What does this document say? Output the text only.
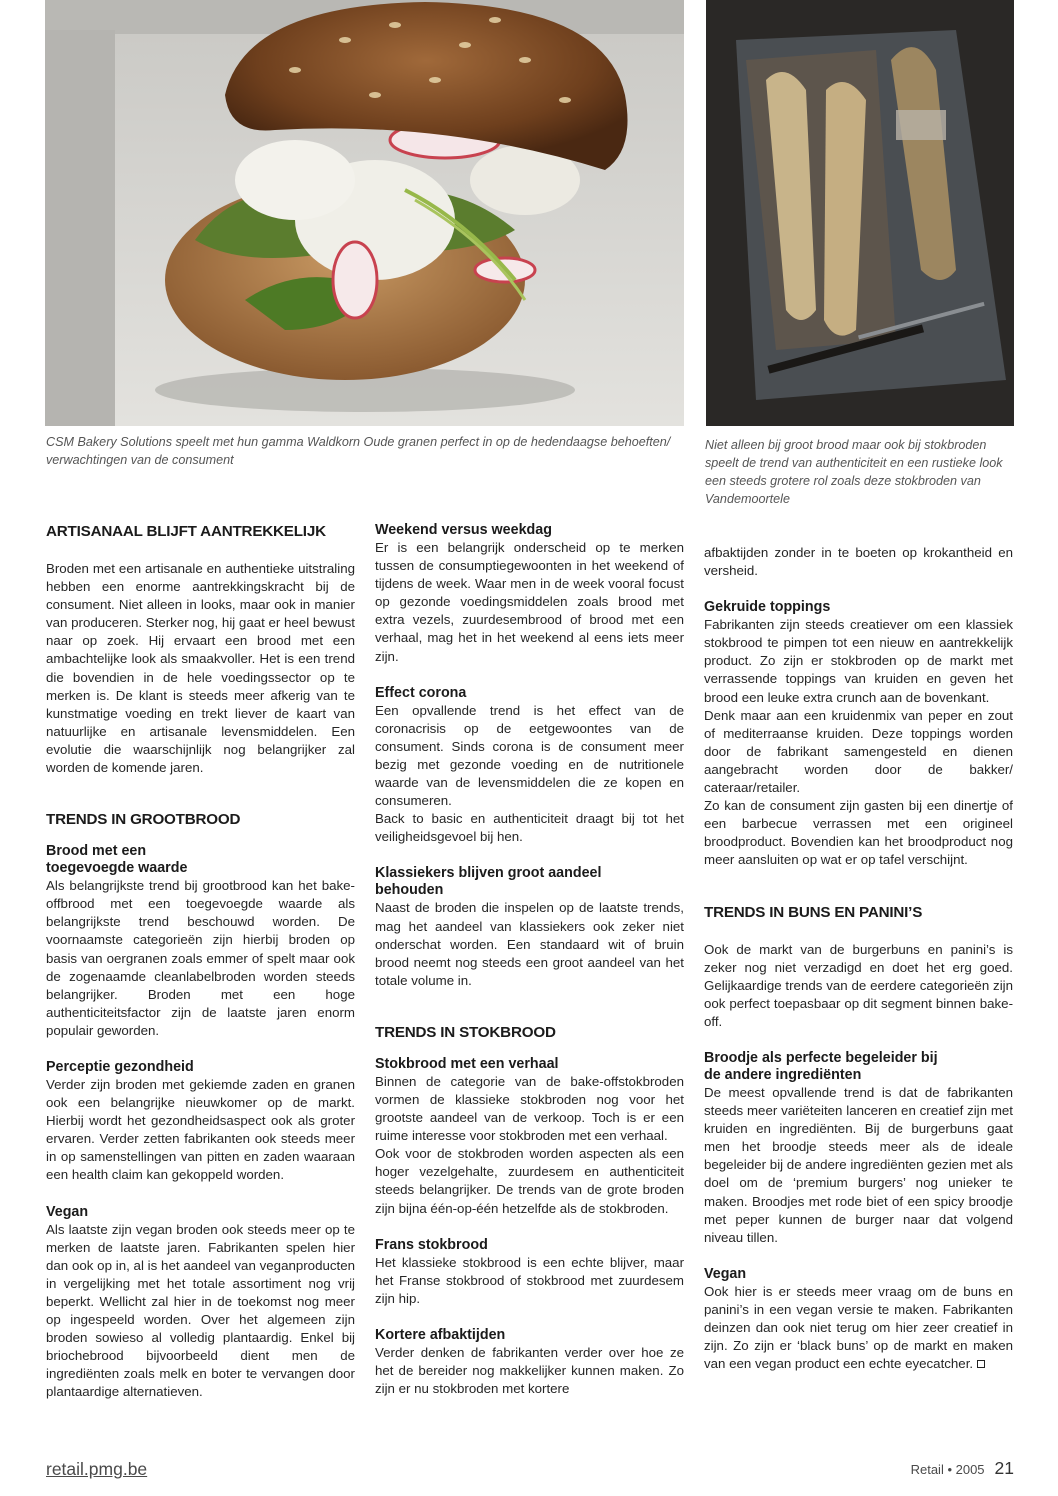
CSM Bakery Solutions speelt met hun gamma Waldkorn Oude granen perfect in op de hedendaagse behoeften/ verwachtingen van de consument

Niet alleen bij groot brood maar ook bij stokbroden speelt de trend van authenticiteit en een rustieke look een steeds grotere rol zoals deze stokbroden van Vandemoortele

ARTISANAAL BLIJFT AANTREKKELIJK

Broden met een artisanale en authentieke uitstraling hebben een enorme aantrekkingskracht bij de consument. Niet alleen in looks, maar ook in manier van produceren. Sterker nog, hij gaat er heel bewust naar op zoek. Hij ervaart een brood met een ambachtelijke look als smaakvoller. Het is een trend die bovendien in de hele voedingssector op te merken is. De klant is steeds meer afkerig van te kunstmatige voeding en trekt liever de kaart van natuurlijke en artisanale levensmiddelen. Een evolutie die waarschijnlijk nog belangrijker zal worden de komende jaren.

TRENDS IN GROOTBROOD
Brood met een
toegevoegde waarde

Als belangrijkste trend bij grootbrood kan het bake-offbrood met een toegevoegde waarde als belangrijkste trend beschouwd worden. De voornaamste categorieën zijn hierbij broden op basis van oergranen zoals emmer of spelt maar ook de zogenaamde cleanlabelbroden worden steeds belangrijker. Broden met een hoge authenticiteitsfactor zijn de laatste jaren enorm populair geworden.

Perceptie gezondheid

Verder zijn broden met gekiemde zaden en granen ook een belangrijke nieuwkomer op de markt. Hierbij wordt het gezondheidsaspect ook als groter ervaren. Verder zetten fabrikanten ook steeds meer in op samenstellingen van pitten en zaden waaraan een health claim kan gekoppeld worden.

Vegan

Als laatste zijn vegan broden ook steeds meer op te merken de laatste jaren. Fabrikanten spelen hier dan ook op in, al is het aandeel van veganproducten in vergelijking met het totale assortiment nog vrij beperkt. Wellicht zal hier in de toekomst nog meer op ingespeeld worden. Over het algemeen zijn broden sowieso al volledig plantaardig. Enkel bij briochebrood bijvoorbeeld dient men de ingrediënten zoals melk en boter te vervangen door plantaardige alternatieven.

Weekend versus weekdag

Er is een belangrijk onderscheid op te merken tussen de consumptiegewoonten in het weekend of tijdens de week. Waar men in de week vooral focust op gezonde voedingsmiddelen zoals brood met extra vezels, zuurdesembrood of brood met een verhaal, mag het in het weekend al eens iets meer zijn.

Effect corona

Een opvallende trend is het effect van de coronacrisis op de eetgewoontes van de consument. Sinds corona is de consument meer bezig met gezonde voeding en de nutritionele waarde van de levensmiddelen die ze kopen en consumeren.

Back to basic en authenticiteit draagt bij tot het veiligheidsgevoel bij hen.

Klassiekers blijven groot aandeel
behouden

Naast de broden die inspelen op de laatste trends, mag het aandeel van klassiekers ook zeker niet onderschat worden. Een standaard wit of bruin brood neemt nog steeds een groot aandeel van het totale volume in.

TRENDS IN STOKBROOD
Stokbrood met een verhaal

Binnen de categorie van de bake-offstokbroden vormen de klassieke stokbroden nog voor het grootste aandeel van de verkoop. Toch is er een ruime interesse voor stokbroden met een verhaal.

Ook voor de stokbroden worden aspecten als een hoger vezelgehalte, zuurdesem en authenticiteit steeds belangrijker. De trends van de grote broden zijn bijna één-op-één hetzelfde als de stokbroden.

Frans stokbrood

Het klassieke stokbrood is een echte blijver, maar het Franse stokbrood of stokbrood met zuurdesem zijn hip.

Kortere afbaktijden

Verder denken de fabrikanten verder over hoe ze het de bereider nog makkelijker kunnen maken. Zo zijn er nu stokbroden met kortere

afbaktijden zonder in te boeten op krokantheid en versheid.

Gekruide toppings

Fabrikanten zijn steeds creatiever om een klassiek stokbrood te pimpen tot een nieuw en aantrekkelijk product. Zo zijn er stokbroden op de markt met verrassende toppings van kruiden en geven het brood een leuke extra crunch aan de bovenkant.

Denk maar aan een kruidenmix van peper en zout of mediterraanse kruiden. Deze toppings worden door de fabrikant samengesteld en dienen aangebracht worden door de bakker/ cateraar/retailer.

Zo kan de consument zijn gasten bij een dinertje of een barbecue verrassen met een origineel broodproduct. Bovendien kan het broodproduct nog meer aansluiten op wat er op tafel verschijnt.

TRENDS IN BUNS EN PANINI’S

Ook de markt van de burgerbuns en panini’s is zeker nog niet verzadigd en doet het erg goed. Gelijkaardige trends van de eerdere categorieën zijn ook perfect toepasbaar op dit segment binnen bake-off.

Broodje als perfecte begeleider bij
de andere ingrediënten

De meest opvallende trend is dat de fabrikanten steeds meer variëteiten lanceren en creatief zijn met kruiden en ingrediënten. Bij de burgerbuns gaat men het broodje steeds meer als de ideale begeleider bij de andere ingrediënten gezien met als doel om de ‘premium burgers’ nog unieker te maken. Broodjes met rode biet of een spicy broodje met peper kunnen de burger naar dat volgend niveau tillen.

Vegan

Ook hier is er steeds meer vraag om de buns en panini’s in een vegan versie te maken. Fabrikanten deinzen dan ook niet terug om hier zeer creatief in zijn. Zo zijn er ‘black buns’ op de markt en maken van een vegan product een echte eyecatcher.

retail.pmg.be	Retail • 2005 21
